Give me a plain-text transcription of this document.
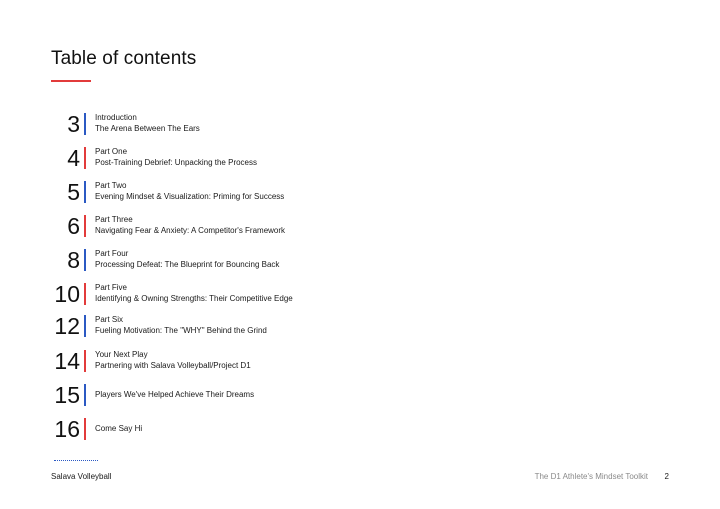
Table of contents
3 Introduction
The Arena Between The Ears
4 Part One
Post-Training Debrief: Unpacking the Process
5 Part Two
Evening Mindset & Visualization: Priming for Success
6 Part Three
Navigating Fear & Anxiety: A Competitor's Framework
8 Part Four
Processing Defeat: The Blueprint for Bouncing Back
10 Part Five
Identifying & Owning Strengths: Their Competitive Edge
12 Part Six
Fueling Motivation: The "WHY" Behind the Grind
14 Your Next Play
Partnering with Salava Volleyball/Project D1
15 Players We've Helped Achieve Their Dreams
16 Come Say Hi
Salava Volleyball	The D1 Athlete's Mindset Toolkit 2
